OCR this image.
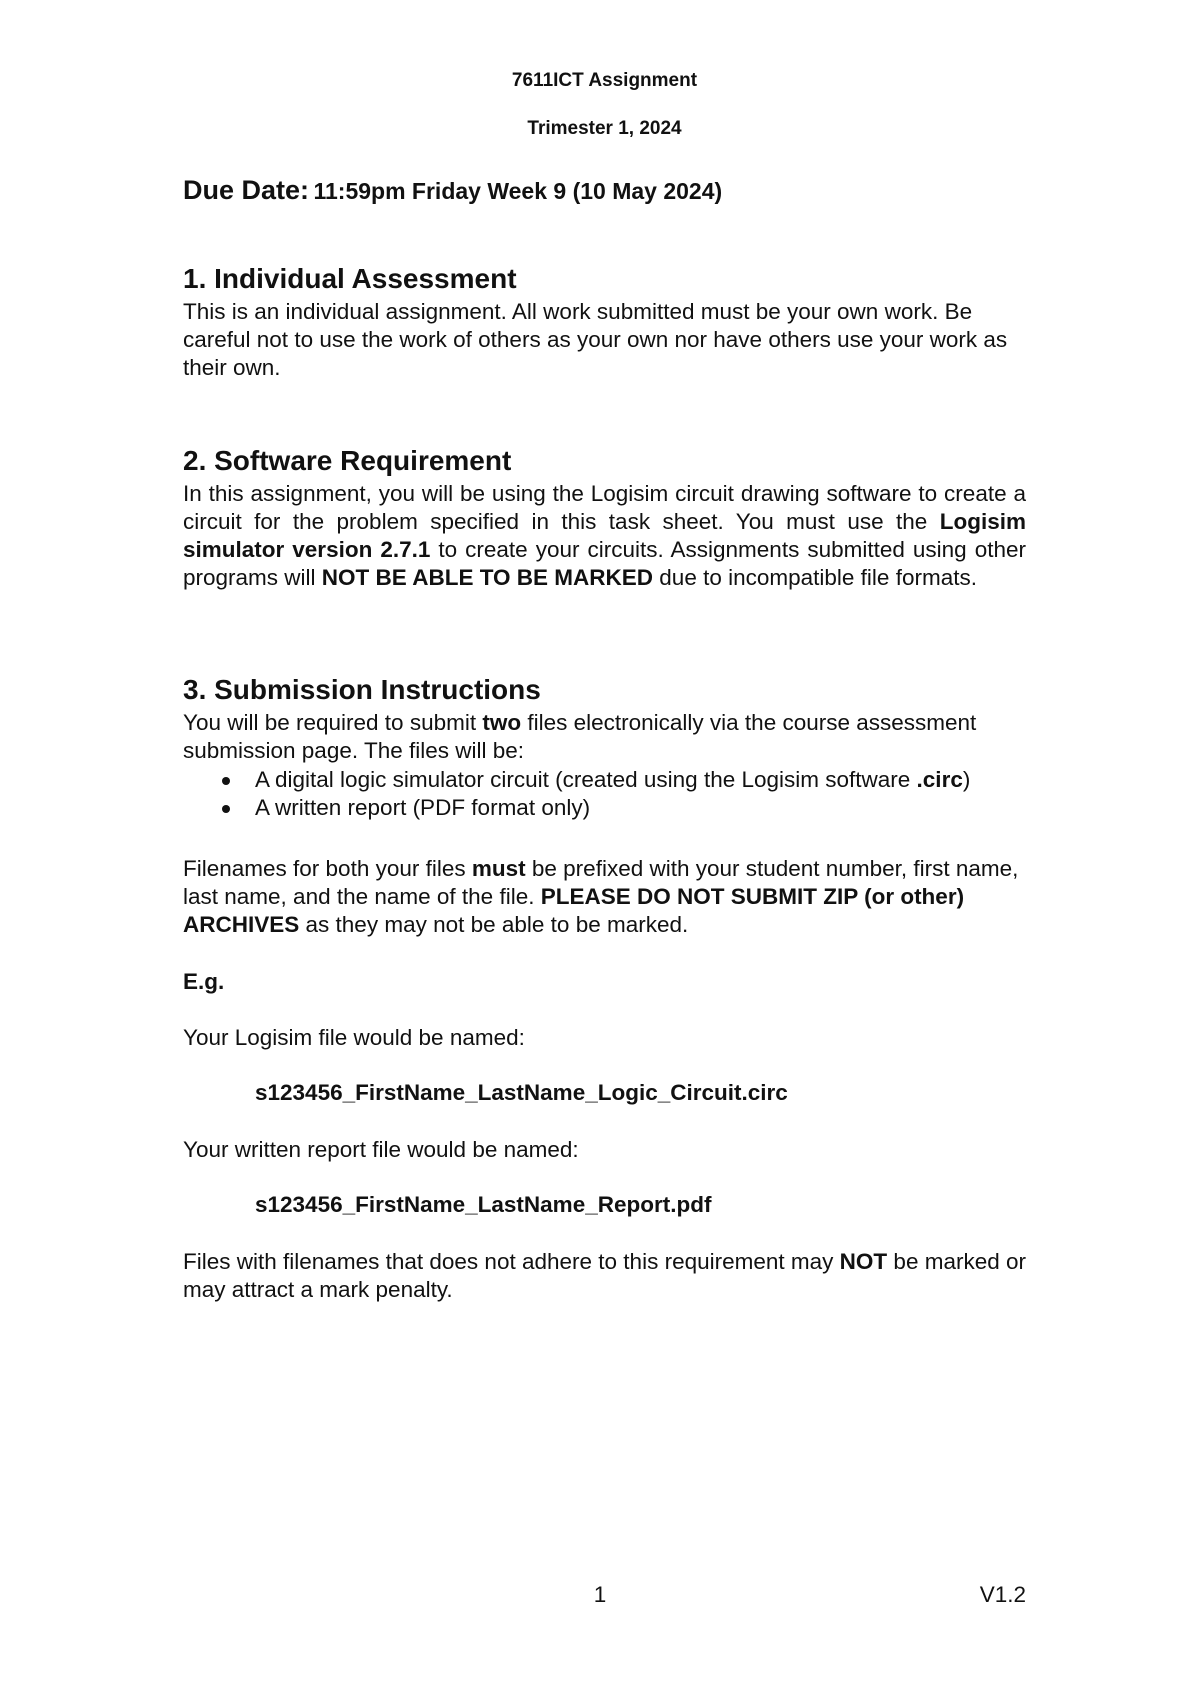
7611ICT Assignment
Trimester 1, 2024
Due Date: 11:59pm Friday Week 9 (10 May 2024)
1. Individual Assessment

This is an individual assignment. All work submitted must be your own work. Be careful not to use the work of others as your own nor have others use your work as their own.

2. Software Requirement

In this assignment, you will be using the Logisim circuit drawing software to create a circuit for the problem specified in this task sheet. You must use the Logisim simulator version 2.7.1 to create your circuits. Assignments submitted using other programs will NOT BE ABLE TO BE MARKED due to incompatible file formats.

3. Submission Instructions

You will be required to submit two files electronically via the course assessment submission page. The files will be:

A digital logic simulator circuit (created using the Logisim software .circ)
A written report (PDF format only)

Filenames for both your files must be prefixed with your student number, first name, last name, and the name of the file. PLEASE DO NOT SUBMIT ZIP (or other) ARCHIVES as they may not be able to be marked.

E.g.

Your Logisim file would be named:

s123456_FirstName_LastName_Logic_Circuit.circ

Your written report file would be named:

s123456_FirstName_LastName_Report.pdf

Files with filenames that does not adhere to this requirement may NOT be marked or may attract a mark penalty.

1	V1.2
